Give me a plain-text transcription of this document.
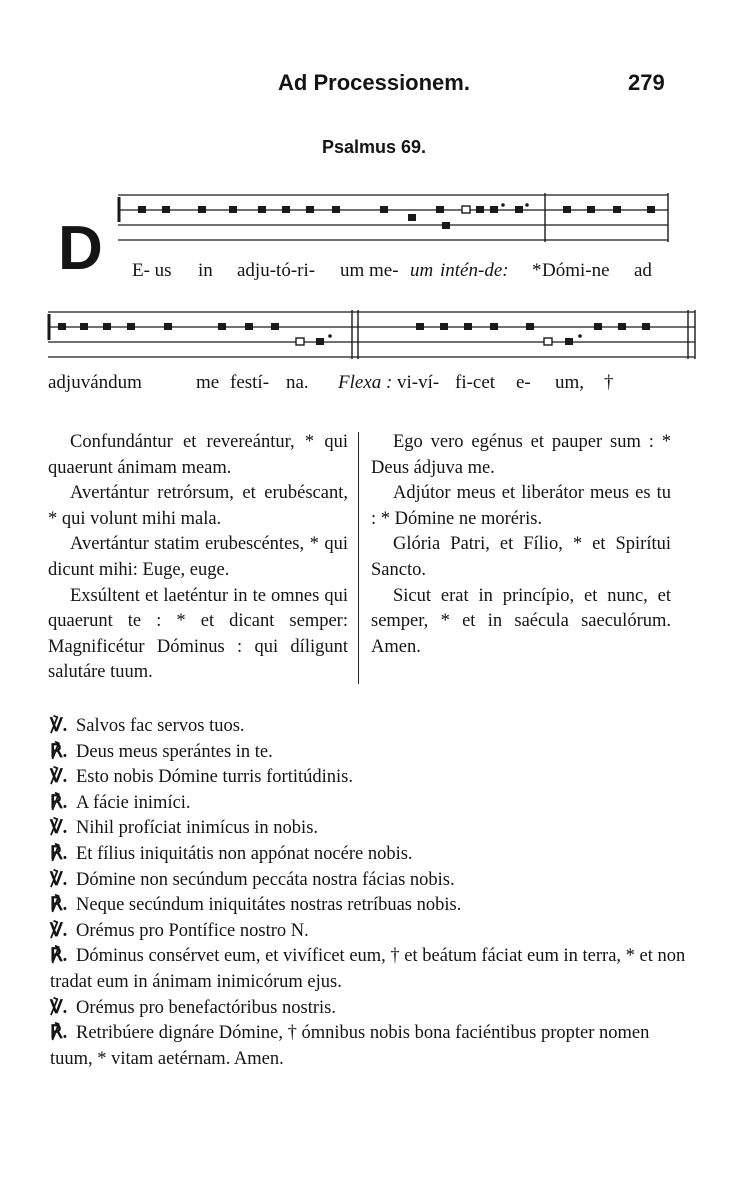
Ad Processionem.	279
Psalmus 69.
D E- us in adju-tó-ri- um me- um intén-de: * Dómi-ne ad
adjuvándum	me festí- na. Flexa : vi-ví- fi-cet e- um, †

Confundántur et revereántur, * qui quaerunt ánimam meam.

Avertántur retrórsum, et erubéscant, * qui volunt mihi mala.

Avertántur statim erubescéntes, * qui dicunt mihi: Euge, euge.

Exsúltent et laeténtur in te omnes qui quaerunt te : * et dicant semper: Magnificétur Dóminus : qui díligunt salutáre tuum.

Ego vero egénus et pauper sum : * Deus ádjuva me.

Adjútor meus et liberátor meus es tu : * Dómine ne moréris.

Glória Patri, et Fílio, * et Spirítui Sancto.

Sicut erat in princípio, et nunc, et semper, * et in saécula saeculórum. Amen.

℣. Salvos fac servos tuos.
℟. Deus meus sperántes in te.
℣. Esto nobis Dómine turris fortitúdinis.
℟. A fácie inimíci.
℣. Nihil profíciat inimícus in nobis.
℟. Et fílius iniquitátis non appónat nocére nobis.
℣. Dómine non secúndum peccáta nostra fácias nobis.
℟. Neque secúndum iniquitátes nostras retríbuas nobis.
℣. Orémus pro Pontífice nostro N.
℟. Dóminus consérvet eum, et vivíficet eum, † et beátum fáciat eum in terra, * et non tradat eum in ánimam inimicórum ejus.
℣. Orémus pro benefactóribus nostris.
℟. Retribúere dignáre Dómine, † ómnibus nobis bona faciéntibus propter nomen tuum, * vitam aetérnam. Amen.
